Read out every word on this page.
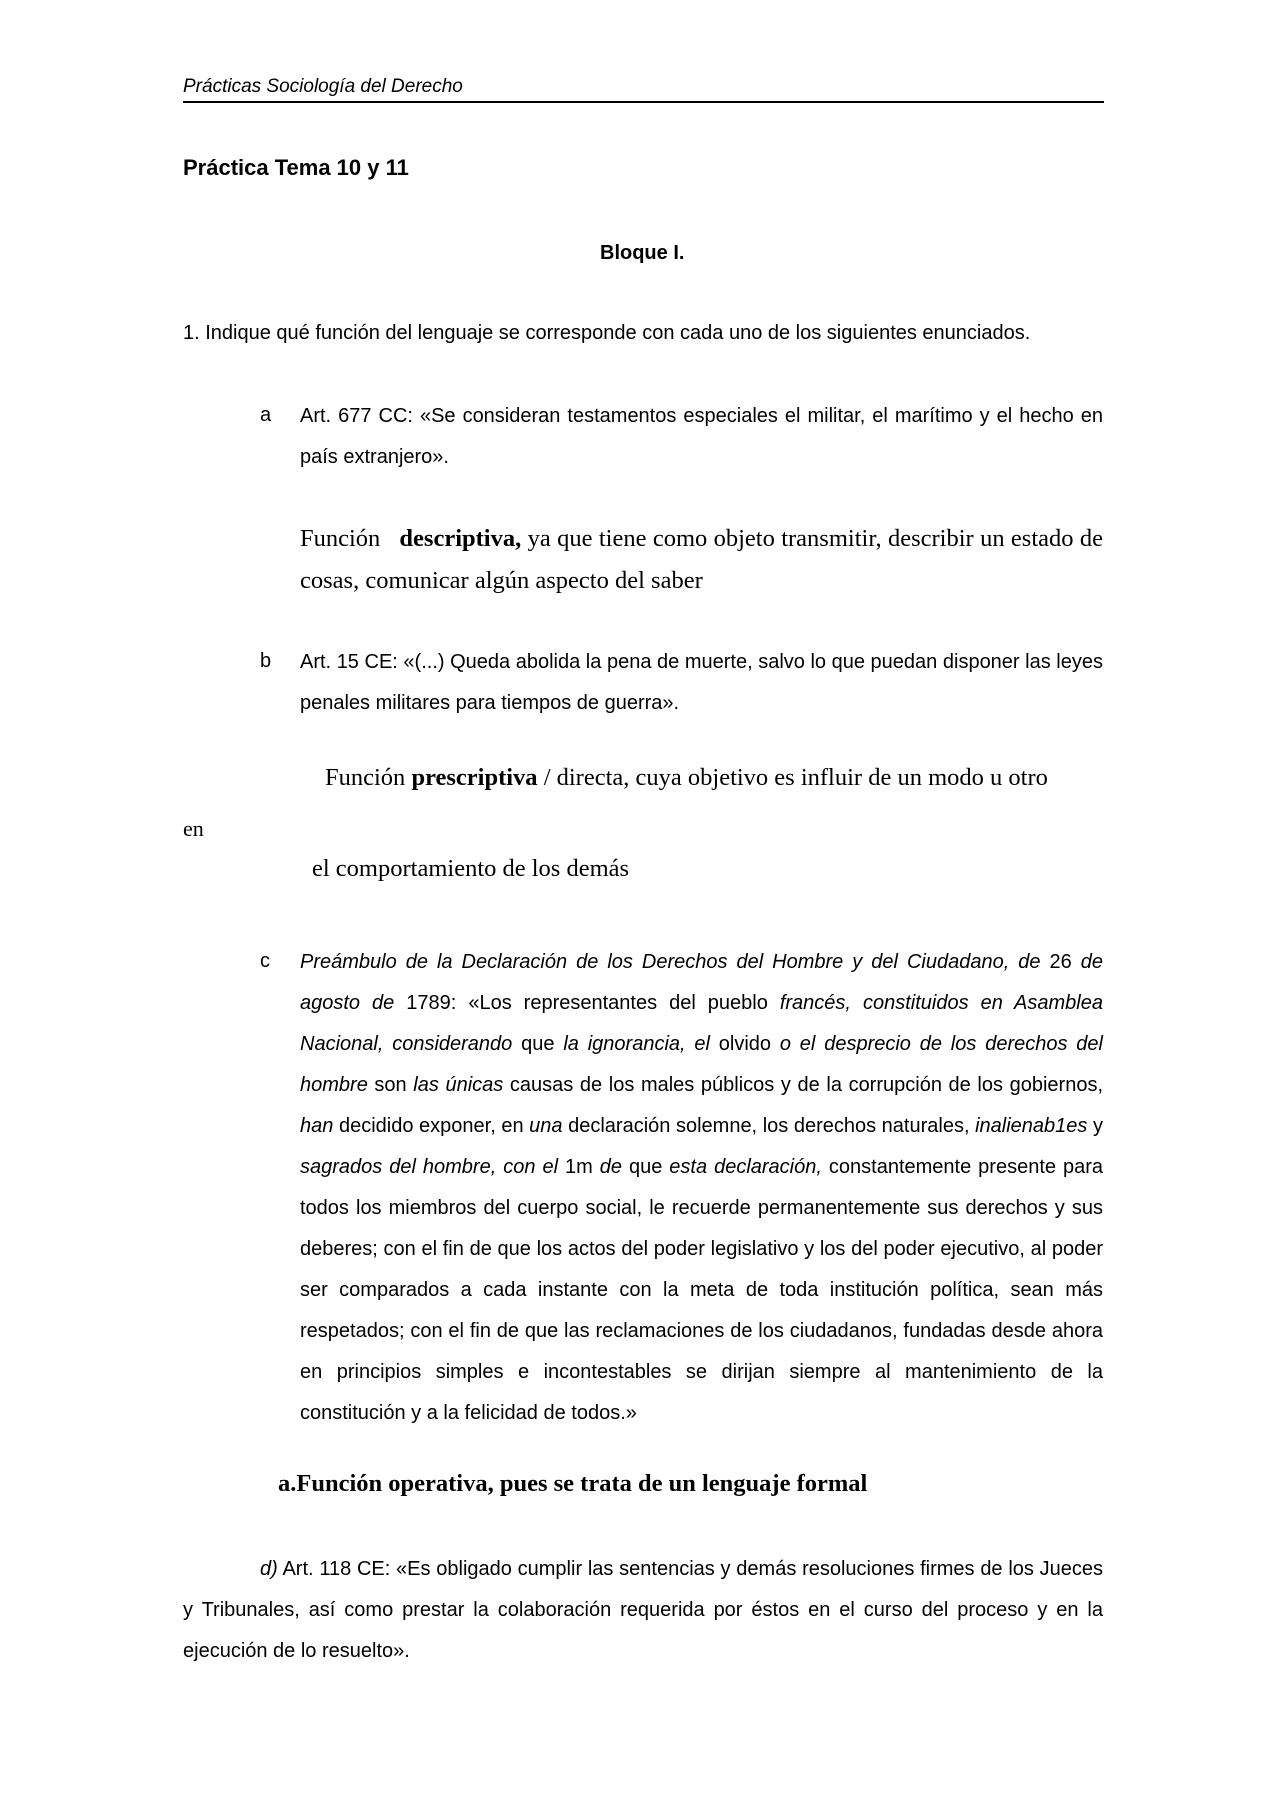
Prácticas Sociología del Derecho
Práctica Tema 10 y 11
Bloque I.
1. Indique qué función del lenguaje se corresponde con cada uno de los siguientes enunciados.
a Art. 677 CC: «Se consideran testamentos especiales el militar, el marítimo y el hecho en país extranjero».
Función descriptiva, ya que tiene como objeto transmitir, describir un estado de cosas, comunicar algún aspecto del saber
b Art. 15 CE: «(...) Queda abolida la pena de muerte, salvo lo que puedan disponer las leyes penales militares para tiempos de guerra».
Función prescriptiva / directa, cuya objetivo es influir de un modo u otro
en
el comportamiento de los demás
c Preámbulo de la Declaración de los Derechos del Hombre y del Ciudadano, de 26 de agosto de 1789: «Los representantes del pueblo francés, constituidos en Asamblea Nacional, considerando que la ignorancia, el olvido o el desprecio de los derechos del hombre son las únicas causas de los males públicos y de la corrupción de los gobiernos, han decidido exponer, en una declaración solemne, los derechos naturales, inalienab1es y sagrados del hombre, con el 1m de que esta declaración, constantemente presente para todos los miembros del cuerpo social, le recuerde permanentemente sus derechos y sus deberes; con el fin de que los actos del poder legislativo y los del poder ejecutivo, al poder ser comparados a cada instante con la meta de toda institución política, sean más respetados; con el fin de que las reclamaciones de los ciudadanos, fundadas desde ahora en principios simples e incontestables se dirijan siempre al mantenimiento de la constitución y a la felicidad de todos.»
a.Función operativa, pues se trata de un lenguaje formal
d) Art. 118 CE: «Es obligado cumplir las sentencias y demás resoluciones firmes de los Jueces y Tribunales, así como prestar la colaboración requerida por éstos en el curso del proceso y en la ejecución de lo resuelto».
